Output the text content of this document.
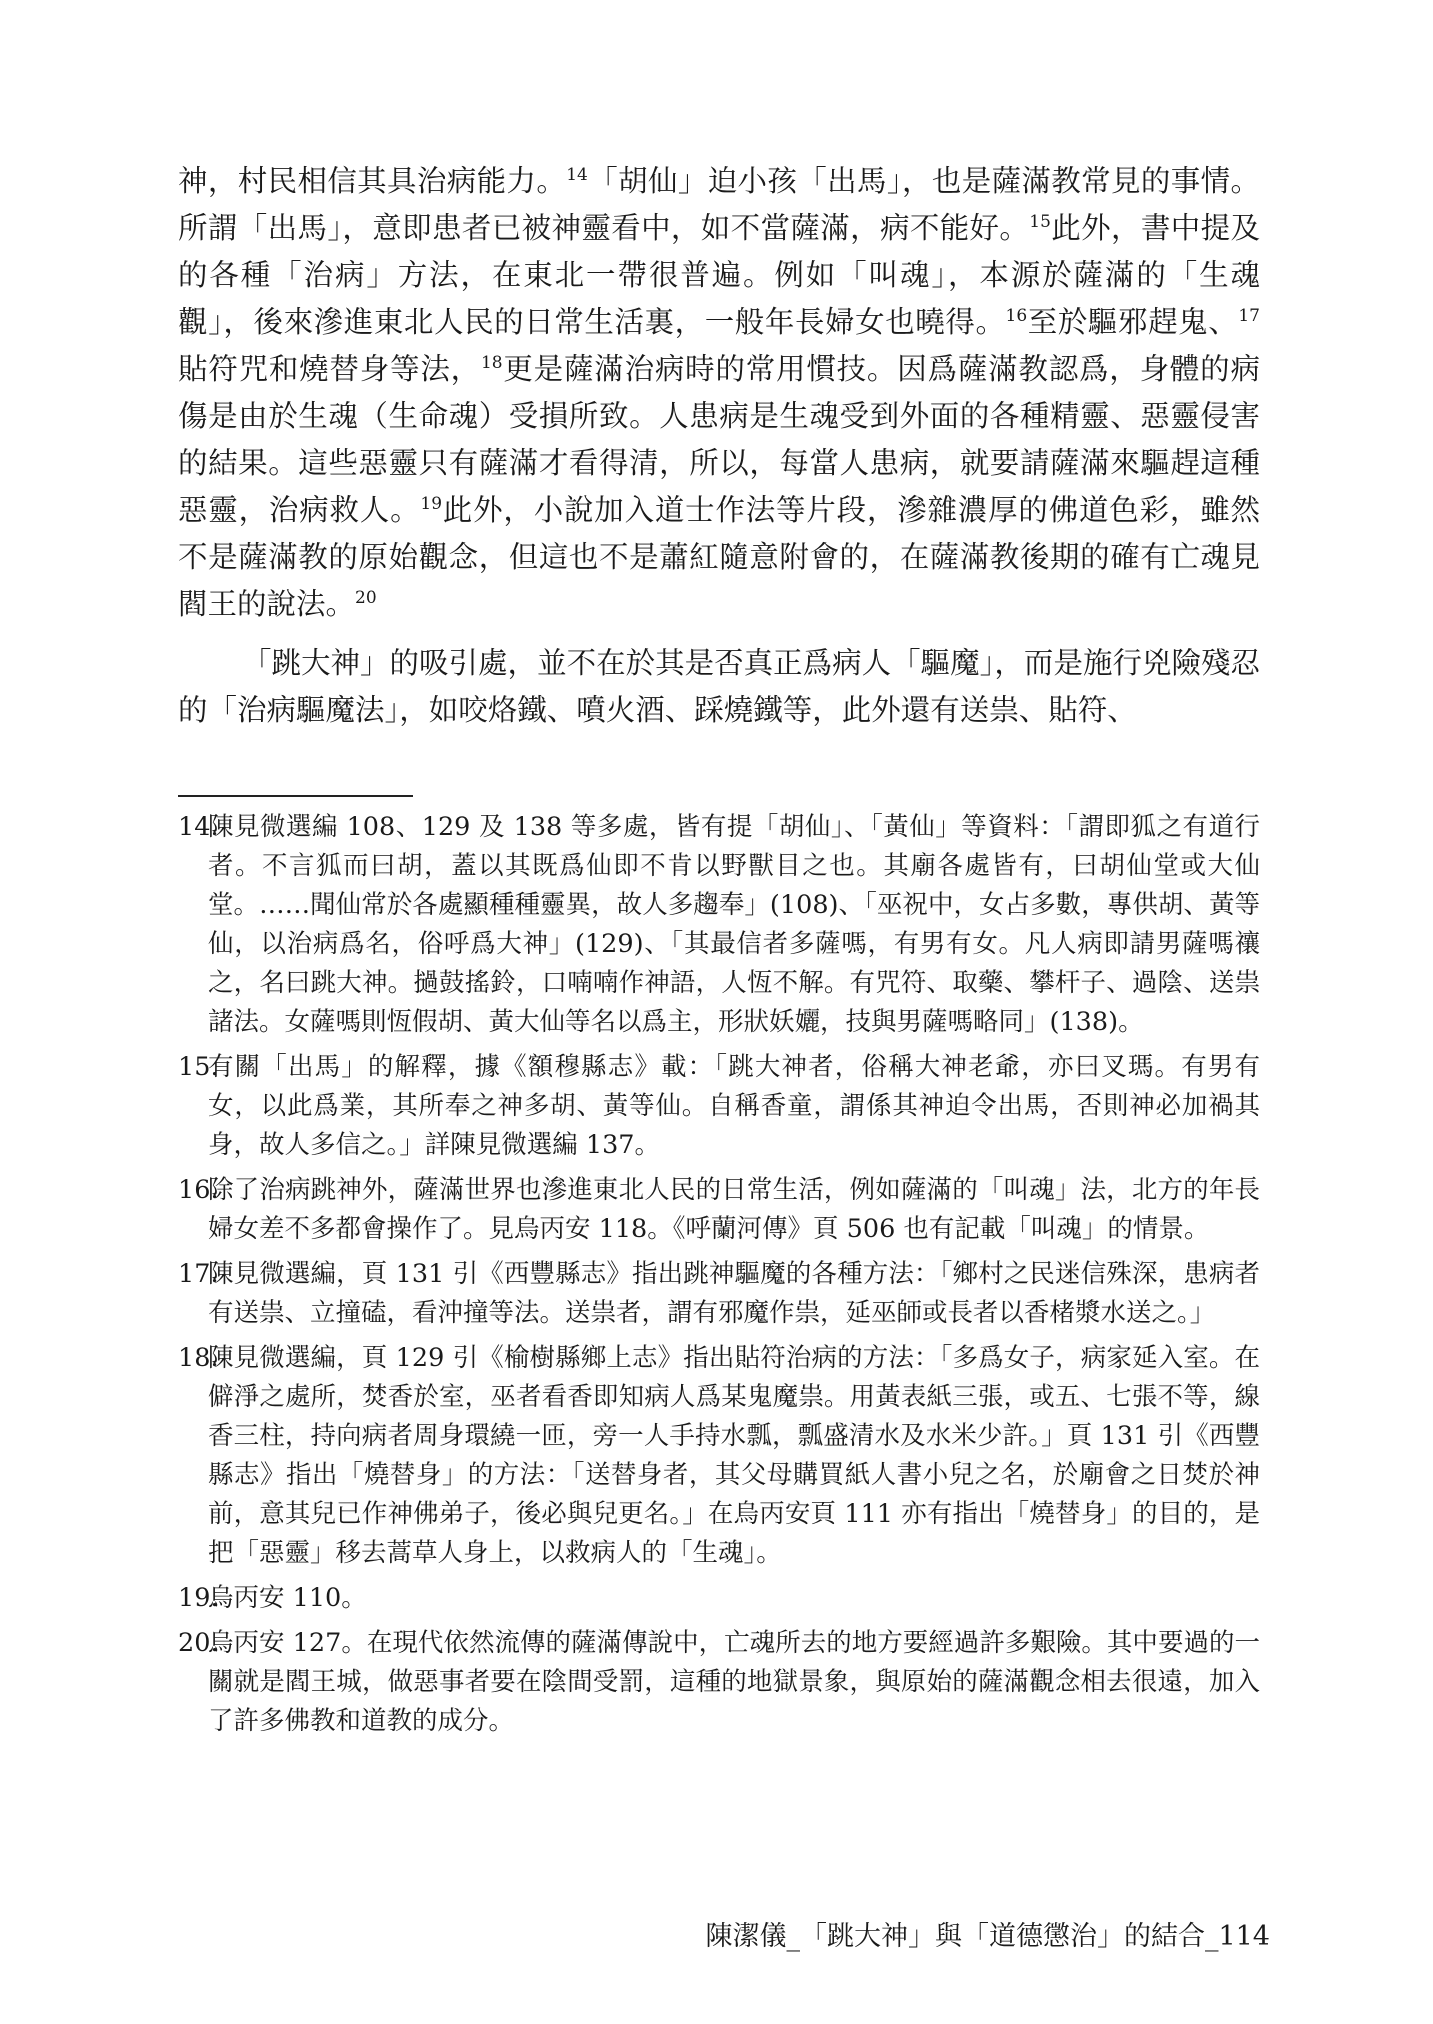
神，村民相信其具治病能力。$^{14}$「胡仙」迫小孩「出馬」，也是薩滿教常見的事情。所謂「出馬」，意即患者已被神靈看中，如不當薩滿，病不能好。$^{15}$此外，書中提及的各種「治病」方法，在東北一帶很普遍。例如「叫魂」，本源於薩滿的「生魂觀」，後來滲進東北人民的日常生活裏，一般年長婦女也曉得。$^{16}$至於驅邪趕鬼、$^{17}$貼符咒和燒替身等法，$^{18}$更是薩滿治病時的常用慣技。因爲薩滿教認爲，身體的病傷是由於生魂（生命魂）受損所致。人患病是生魂受到外面的各種精靈、惡靈侵害的結果。這些惡靈只有薩滿才看得清，所以，每當人患病，就要請薩滿來驅趕這種惡靈，治病救人。$^{19}$此外，小說加入道士作法等片段，滲雜濃厚的佛道色彩，雖然不是薩滿教的原始觀念，但這也不是蕭紅隨意附會的，在薩滿教後期的確有亡魂見閻王的說法。$^{20}$

「跳大神」的吸引處，並不在於其是否真正爲病人「驅魔」，而是施行兇險殘忍的「治病驅魔法」，如咬烙鐵、噴火酒、踩燒鐵等，此外還有送祟、貼符、

14.
陳見微選編 108、129 及 138 等多處，皆有提「胡仙」、「黃仙」等資料：「謂即狐之有道行者。不言狐而曰胡，蓋以其既爲仙即不肯以野獸目之也。其廟各處皆有，曰胡仙堂或大仙堂。……聞仙常於各處顯種種靈異，故人多趨奉」(108)、「巫祝中，女占多數，專供胡、黃等仙，以治病爲名，俗呼爲大神」(129)、「其最信者多薩嗎，有男有女。凡人病即請男薩嗎禳之，名曰跳大神。撾鼓搖鈴，口喃喃作神語，人恆不解。有咒符、取藥、攀杆子、過陰、送祟諸法。女薩嗎則恆假胡、黃大仙等名以爲主，形狀妖孋，技與男薩嗎略同」(138)。
15.
有關「出馬」的解釋，據《額穆縣志》載：「跳大神者，俗稱大神老爺，亦曰叉瑪。有男有女，以此爲業，其所奉之神多胡、黃等仙。自稱香童，謂係其神迫令出馬，否則神必加禍其身，故人多信之。」詳陳見微選編 137。
16.
除了治病跳神外，薩滿世界也滲進東北人民的日常生活，例如薩滿的「叫魂」法，北方的年長婦女差不多都會操作了。見烏丙安 118。《呼蘭河傳》頁 506 也有記載「叫魂」的情景。
17.
陳見微選編，頁 131 引《西豐縣志》指出跳神驅魔的各種方法：「鄉村之民迷信殊深，患病者有送祟、立撞磕，看沖撞等法。送祟者，謂有邪魔作祟，延巫師或長者以香楮漿水送之。」
18.
陳見微選編，頁 129 引《榆樹縣鄉上志》指出貼符治病的方法：「多爲女子，病家延入室。在僻淨之處所，焚香於室，巫者看香即知病人爲某鬼魔祟。用黃表紙三張，或五、七張不等，線香三柱，持向病者周身環繞一匝，旁一人手持水瓢，瓢盛清水及水米少許。」頁 131 引《西豐縣志》指出「燒替身」的方法：「送替身者，其父母購買紙人書小兒之名，於廟會之日焚於神前，意其兒已作神佛弟子，後必與兒更名。」在烏丙安頁 111 亦有指出「燒替身」的目的，是把「惡靈」移去蒿草人身上，以救病人的「生魂」。
19.
烏丙安 110。
20.
烏丙安 127。在現代依然流傳的薩滿傳說中，亡魂所去的地方要經過許多艱險。其中要過的一關就是閻王城，做惡事者要在陰間受罰，這種的地獄景象，與原始的薩滿觀念相去很遠，加入了許多佛教和道教的成分。
陳潔儀_「跳大神」與「道德懲治」的結合_114
